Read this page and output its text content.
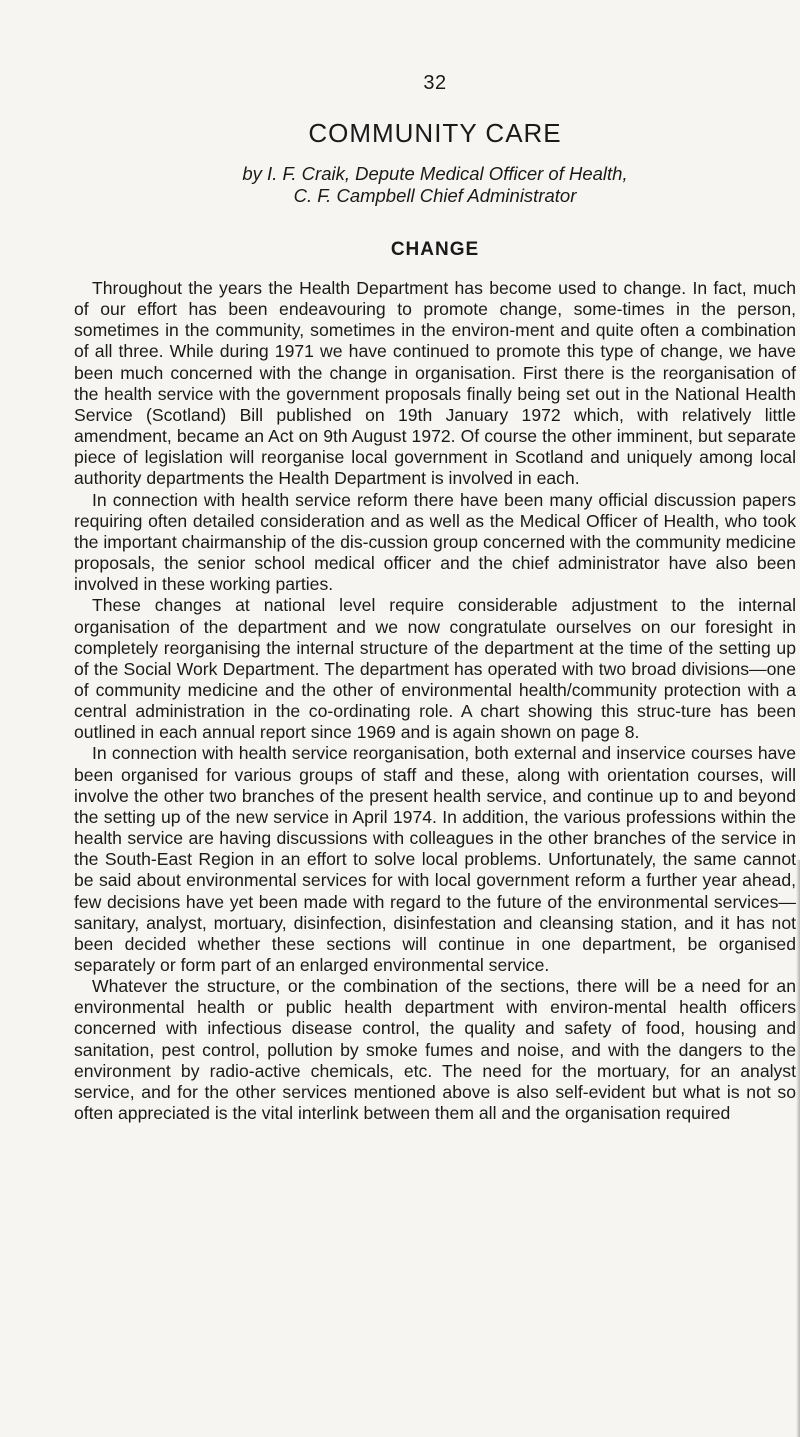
32
COMMUNITY CARE
by I. F. Craik, Depute Medical Officer of Health,
C. F. Campbell Chief Administrator
CHANGE

Throughout the years the Health Department has become used to change. In fact, much of our effort has been endeavouring to promote change, some-times in the person, sometimes in the community, sometimes in the environ-ment and quite often a combination of all three. While during 1971 we have continued to promote this type of change, we have been much concerned with the change in organisation. First there is the reorganisation of the health service with the government proposals finally being set out in the National Health Service (Scotland) Bill published on 19th January 1972 which, with relatively little amendment, became an Act on 9th August 1972. Of course the other imminent, but separate piece of legislation will reorganise local government in Scotland and uniquely among local authority departments the Health Department is involved in each.

In connection with health service reform there have been many official discussion papers requiring often detailed consideration and as well as the Medical Officer of Health, who took the important chairmanship of the dis-cussion group concerned with the community medicine proposals, the senior school medical officer and the chief administrator have also been involved in these working parties.

These changes at national level require considerable adjustment to the internal organisation of the department and we now congratulate ourselves on our foresight in completely reorganising the internal structure of the department at the time of the setting up of the Social Work Department. The department has operated with two broad divisions—one of community medicine and the other of environmental health/community protection with a central administration in the co-ordinating role. A chart showing this struc-ture has been outlined in each annual report since 1969 and is again shown on page 8.

In connection with health service reorganisation, both external and inservice courses have been organised for various groups of staff and these, along with orientation courses, will involve the other two branches of the present health service, and continue up to and beyond the setting up of the new service in April 1974. In addition, the various professions within the health service are having discussions with colleagues in the other branches of the service in the South-East Region in an effort to solve local problems. Unfortunately, the same cannot be said about environmental services for with local government reform a further year ahead, few decisions have yet been made with regard to the future of the environmental services—sanitary, analyst, mortuary, disinfection, disinfestation and cleansing station, and it has not been decided whether these sections will continue in one department, be organised separately or form part of an enlarged environmental service.

Whatever the structure, or the combination of the sections, there will be a need for an environmental health or public health department with environ-mental health officers concerned with infectious disease control, the quality and safety of food, housing and sanitation, pest control, pollution by smoke fumes and noise, and with the dangers to the environment by radio-active chemicals, etc. The need for the mortuary, for an analyst service, and for the other services mentioned above is also self-evident but what is not so often appreciated is the vital interlink between them all and the organisation required
